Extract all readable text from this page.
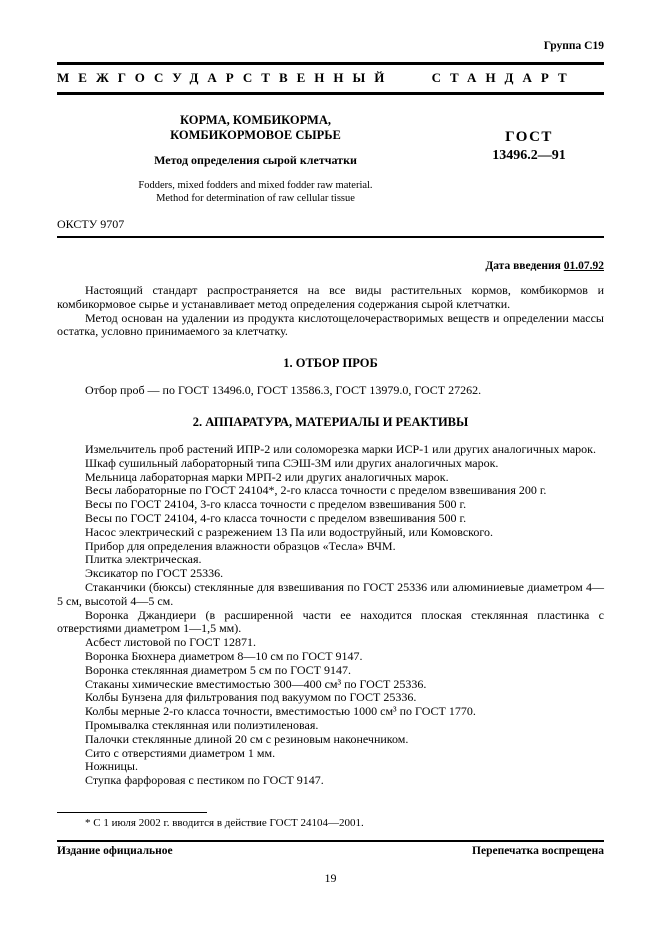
Группа С19
МЕЖГОСУДАРСТВЕННЫЙ СТАНДАРТ
КОРМА, КОМБИКОРМА,
КОМБИКОРМОВОЕ СЫРЬЕ
Метод определения сырой клетчатки
Fodders, mixed fodders and mixed fodder raw material.
Method for determination of raw cellular tissue
ГОСТ
13496.2—91
ОКСТУ 9707
Дата введения 01.07.92

Настоящий стандарт распространяется на все виды растительных кормов, комбикормов и комбикормовое сырье и устанавливает метод определения содержания сырой клетчатки.

Метод основан на удалении из продукта кислотощелочерастворимых веществ и определении массы остатка, условно принимаемого за клетчатку.

1. ОТБОР ПРОБ

Отбор проб — по ГОСТ 13496.0, ГОСТ 13586.3, ГОСТ 13979.0, ГОСТ 27262.

2. АППАРАТУРА, МАТЕРИАЛЫ И РЕАКТИВЫ

Измельчитель проб растений ИПР-2 или соломорезка марки ИСР-1 или других аналогичных марок.

Шкаф сушильный лабораторный типа СЭШ-3М или других аналогичных марок.

Мельница лабораторная марки МРП-2 или других аналогичных марок.

Весы лабораторные по ГОСТ 24104*, 2-го класса точности с пределом взвешивания 200 г.

Весы по ГОСТ 24104, 3-го класса точности с пределом взвешивания 500 г.

Весы по ГОСТ 24104, 4-го класса точности с пределом взвешивания 500 г.

Насос электрический с разрежением 13 Па или водоструйный, или Комовского.

Прибор для определения влажности образцов «Тесла» ВЧМ.

Плитка электрическая.

Эксикатор по ГОСТ 25336.

Стаканчики (бюксы) стеклянные для взвешивания по ГОСТ 25336 или алюминиевые диаметром 4—5 см, высотой 4—5 см.

Воронка Джандиери (в расширенной части ее находится плоская стеклянная пластинка с отверстиями диаметром 1—1,5 мм).

Асбест листовой по ГОСТ 12871.

Воронка Бюхнера диаметром 8—10 см по ГОСТ 9147.

Воронка стеклянная диаметром 5 см по ГОСТ 9147.

Стаканы химические вместимостью 300—400 см³ по ГОСТ 25336.

Колбы Бунзена для фильтрования под вакуумом по ГОСТ 25336.

Колбы мерные 2-го класса точности, вместимостью 1000 см³ по ГОСТ 1770.

Промывалка стеклянная или полиэтиленовая.

Палочки стеклянные длиной 20 см с резиновым наконечником.

Сито с отверстиями диаметром 1 мм.

Ножницы.

Ступка фарфоровая с пестиком по ГОСТ 9147.

* С 1 июля 2002 г. вводится в действие ГОСТ 24104—2001.

Издание официальное	Перепечатка воспрещена
19
